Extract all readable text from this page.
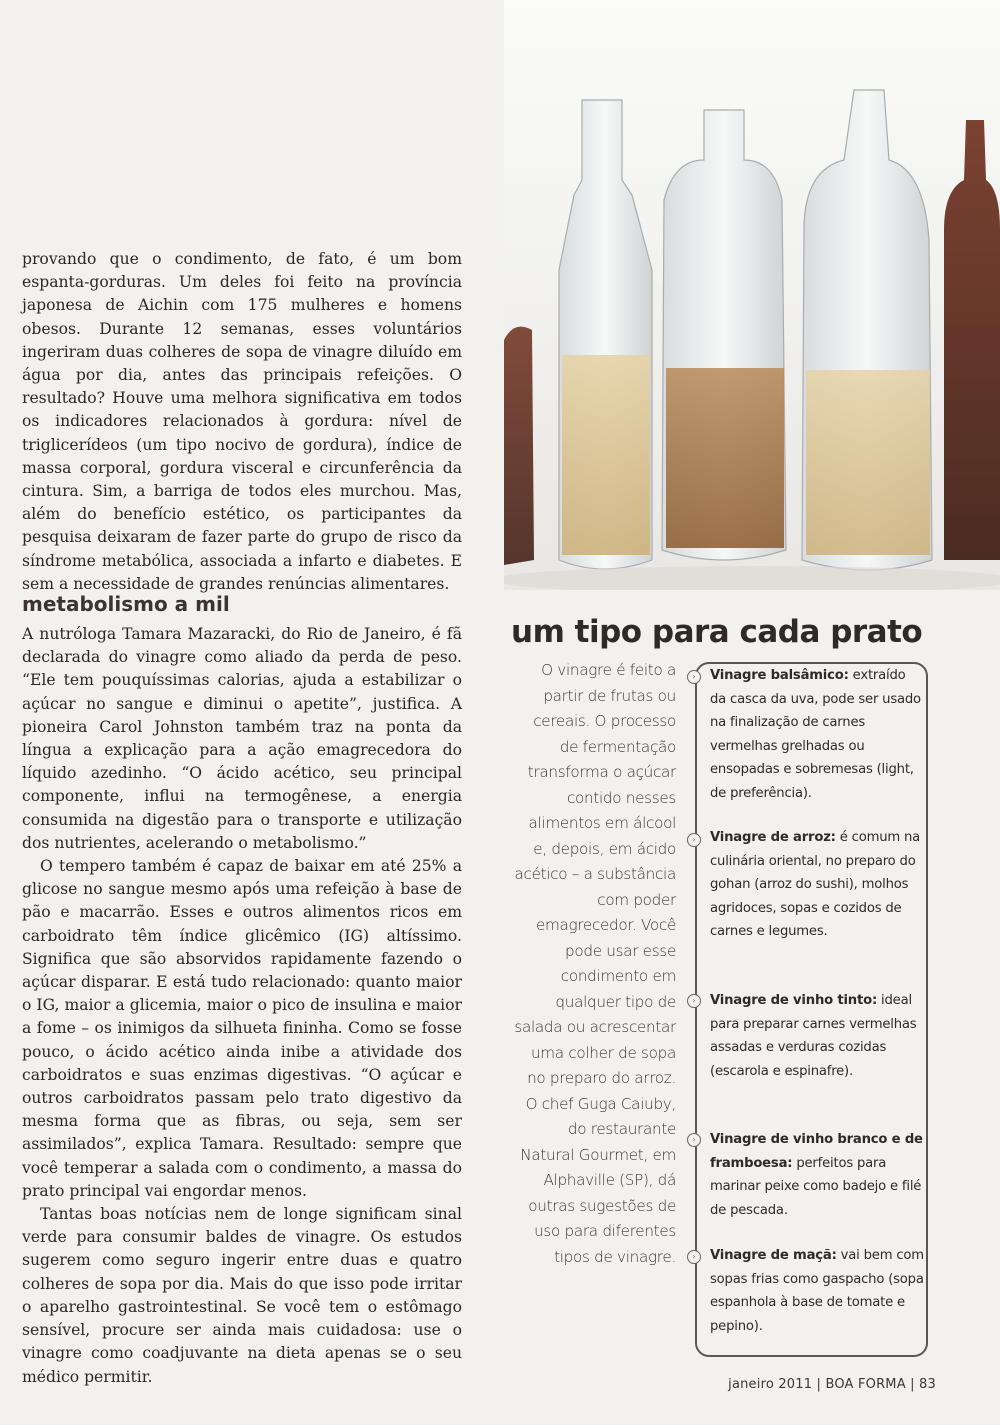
provando que o condimento, de fato, é um bom espanta-gorduras. Um deles foi feito na província japonesa de Aichin com 175 mulheres e homens obesos. Durante 12 semanas, esses voluntários ingeriram duas colheres de sopa de vinagre diluído em água por dia, antes das principais refeições. O resultado? Houve uma melhora significativa em todos os indicadores relacionados à gordura: nível de triglicerídeos (um tipo nocivo de gordura), índice de massa corporal, gordura visceral e circunferência da cintura. Sim, a barriga de todos eles murchou. Mas, além do benefício estético, os participantes da pesquisa deixaram de fazer parte do grupo de risco da síndrome metabólica, associada a infarto e diabetes. E sem a necessidade de grandes renúncias alimentares.

metabolismo a mil

A nutróloga Tamara Mazaracki, do Rio de Janeiro, é fã declarada do vinagre como aliado da perda de peso. “Ele tem pouquíssimas calorias, ajuda a estabilizar o açúcar no sangue e diminui o apetite”, justifica. A pioneira Carol Johnston também traz na ponta da língua a explicação para a ação emagrecedora do líquido azedinho. “O ácido acético, seu principal componente, influi na termogênese, a energia consumida na digestão para o transporte e utilização dos nutrientes, acelerando o metabolismo.”

O tempero também é capaz de baixar em até 25% a glicose no sangue mesmo após uma refeição à base de pão e macarrão. Esses e outros alimentos ricos em carboidrato têm índice glicêmico (IG) altíssimo. Significa que são absorvidos rapidamente fazendo o açúcar disparar. E está tudo relacionado: quanto maior o IG, maior a glicemia, maior o pico de insulina e maior a fome – os inimigos da silhueta fininha. Como se fosse pouco, o ácido acético ainda inibe a atividade dos carboidratos e suas enzimas digestivas. “O açúcar e outros carboidratos passam pelo trato digestivo da mesma forma que as fibras, ou seja, sem ser assimilados”, explica Tamara. Resultado: sempre que você temperar a salada com o condimento, a massa do prato principal vai engordar menos.

Tantas boas notícias nem de longe significam sinal verde para consumir baldes de vinagre. Os estudos sugerem como seguro ingerir entre duas e quatro colheres de sopa por dia. Mais do que isso pode irritar o aparelho gastrointestinal. Se você tem o estômago sensível, procure ser ainda mais cuidadosa: use o vinagre como coadjuvante na dieta apenas se o seu médico permitir.

um tipo para cada prato
O vinagre é feito a
partir de frutas ou
cereais. O processo
de fermentação
transforma o açúcar
contido nesses
alimentos em álcool
e, depois, em ácido
acético – a substância
com poder
emagrecedor. Você
pode usar esse
condimento em
qualquer tipo de
salada ou acrescentar
uma colher de sopa
no preparo do arroz.
O chef Guga Caiuby,
do restaurante
Natural Gourmet, em
Alphaville (SP), dá
outras sugestões de
uso para diferentes
tipos de vinagre.
›	Vinagre balsâmico: extraído da casca da uva, pode ser usado na finalização de carnes vermelhas grelhadas ou ensopadas e sobremesas (light, de preferência).
›	Vinagre de arroz: é comum na culinária oriental, no preparo do gohan (arroz do sushi), molhos agridoces, sopas e cozidos de carnes e legumes.
›	Vinagre de vinho tinto: ideal para preparar carnes vermelhas assadas e verduras cozidas (escarola e espinafre).
›	Vinagre de vinho branco e de framboesa: perfeitos para marinar peixe como badejo e filé de pescada.
›	Vinagre de maçã: vai bem com sopas frias como gaspacho (sopa espanhola à base de tomate e pepino).
janeiro 2011 | BOA FORMA | 83
